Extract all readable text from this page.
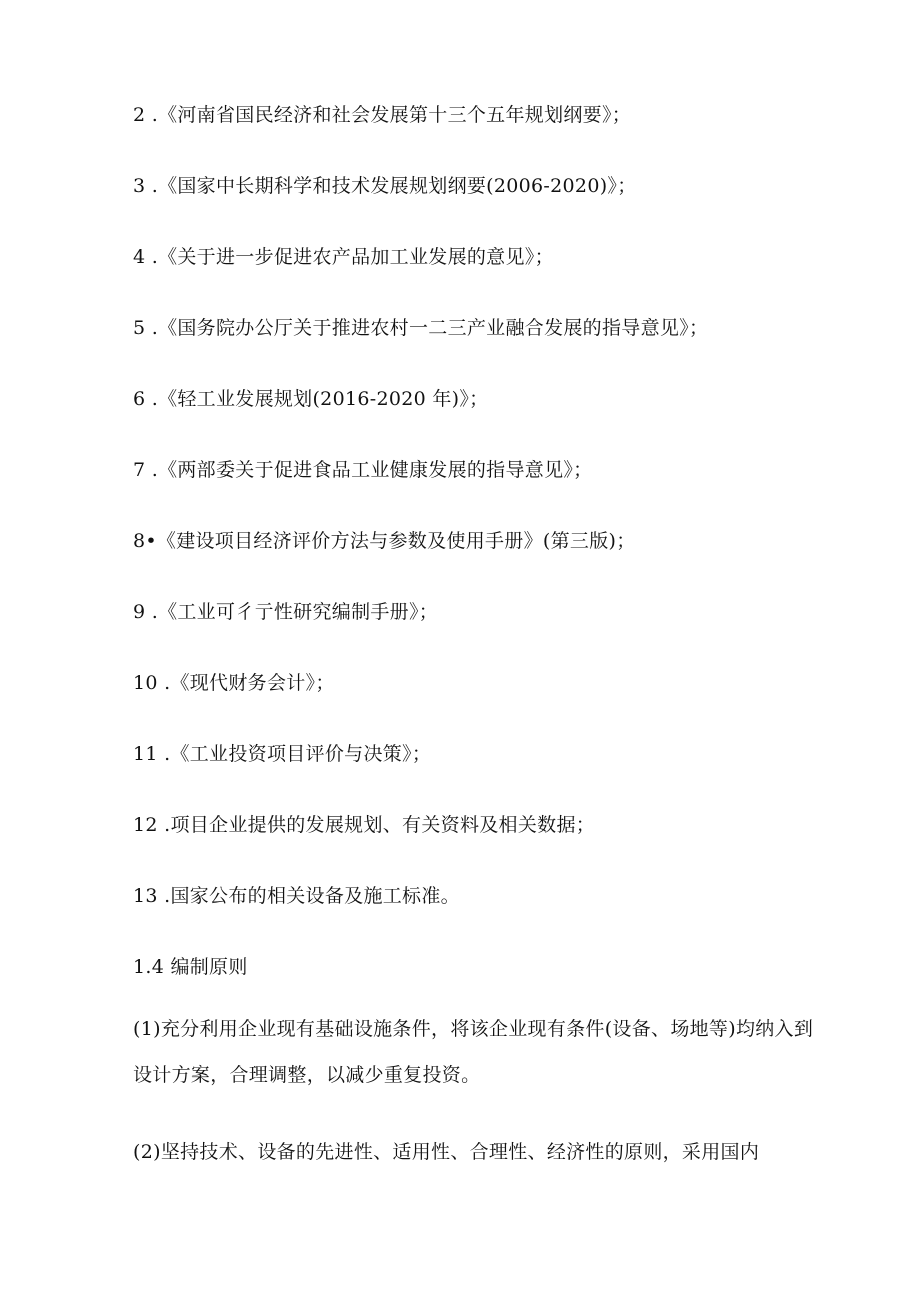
2 .《河南省国民经济和社会发展第十三个五年规划纲要》；
3 .《国家中长期科学和技术发展规划纲要(2006-2020)》；
4 .《关于进一步促进农产品加工业发展的意见》；
5 .《国务院办公厅关于推进农村一二三产业融合发展的指导意见》；
6 .《轻工业发展规划(2016-2020 年)》；
7 .《两部委关于促进食品工业健康发展的指导意见》；
8•《建设项目经济评价方法与参数及使用手册》(第三版)；
9 .《工业可彳亍性研究编制手册》；
10 .《现代财务会计》；
11 .《工业投资项目评价与决策》；
12 .项目企业提供的发展规划、有关资料及相关数据；
13 .国家公布的相关设备及施工标准。
1.4 编制原则
(1)充分利用企业现有基础设施条件，将该企业现有条件(设备、场地等)均纳入到设计方案，合理调整，以减少重复投资。
(2)坚持技术、设备的先进性、适用性、合理性、经济性的原则，采用国内
